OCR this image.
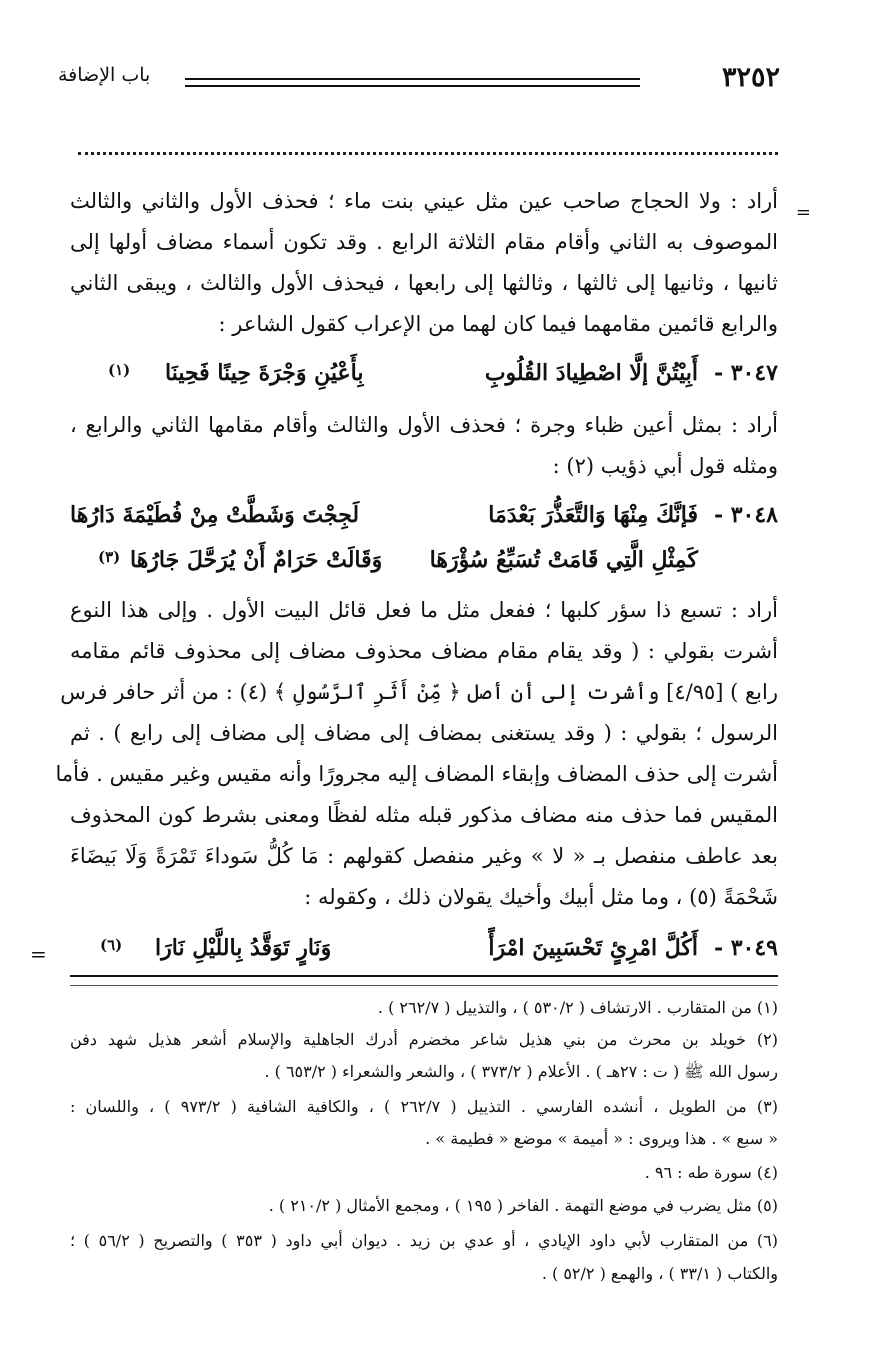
٣٢٥٢
باب الإضافة
=
أراد : ولا الحجاج صاحب عين مثل عيني بنت ماء ؛ فحذف الأول والثاني والثالث
الموصوف به الثاني وأقام مقام الثلاثة الرابع . وقد تكون أسماء مضاف أولها إلى
ثانيها ، وثانيها إلى ثالثها ، وثالثها إلى رابعها ، فيحذف الأول والثالث ، ويبقى الثاني
والرابع قائمين مقامهما فيما كان لهما من الإعراب كقول الشاعر :
٣٠٤٧ -
أَبِيْتُنَّ إلَّا اصْطِيادَ القُلُوبِ
بِأَعْيُنِ وَجْرَةَ حِينًا فَحِينَا
(١)
أراد : بمثل أعين ظباء وجرة ؛ فحذف الأول والثالث وأقام مقامها الثاني والرابع ،
ومثله قول أبي ذؤيب (٢) :
٣٠٤٨ -
فَإنَّكَ مِنْهَا وَالتَّعَذُّرَ بَعْدَمَا
لَجِجْتَ وَشَطَّتْ مِنْ فُطَيْمَةَ دَارُهَا
كَمِثْلِ الَّتِي قَامَتْ تُسَبِّعُ سُؤْرَهَا
وَقَالَتْ حَرَامٌ أَنْ يُرَحَّلَ جَارُهَا
(٣)
أراد : تسبع ذا سؤر كلبها ؛ ففعل مثل ما فعل قائل البيت الأول . وإلى هذا النوع
أشرت بقولي : ( وقد يقام مقام مضاف محذوف مضاف إلى محذوف قائم مقامه
رابع ) [٤/٩٥] وأشرت إلى أن أصل ﴿ مِّنْ أَثَرِ ٱلرَّسُولِ ﴾ (٤) : من أثر حافر فرس
الرسول ؛ بقولي : ( وقد يستغنى بمضاف إلى مضاف إلى مضاف إلى رابع ) . ثم
أشرت إلى حذف المضاف وإبقاء المضاف إليه مجرورًا وأنه مقيس وغير مقيس . فأما
المقيس فما حذف منه مضاف مذكور قبله مثله لفظًا ومعنى بشرط كون المحذوف
بعد عاطف منفصل بـ « لا » وغير منفصل كقولهم : مَا كُلُّ سَوداءَ تَمْرَةً وَلَا بَيضَاءَ
شَحْمَةً (٥) ، وما مثل أبيك وأخيك يقولان ذلك ، وكقوله :
٣٠٤٩ -
أَكُلَّ امْرِئٍ تَحْسَبِينَ امْرَأً
وَنَارٍ تَوَقَّدُ بِاللَّيْلِ نَارَا
(٦)
=
(١) من المتقارب . الارتشاف ( ٥٣٠/٢ ) ، والتذييل ( ٢٦٢/٧ ) .
(٢) خويلد بن محرث من بني هذيل شاعر مخضرم أدرك الجاهلية والإسلام أشعر هذيل شهد دفن
رسول الله ﷺ ( ت : ٢٧هـ ) . الأعلام ( ٣٧٣/٢ ) ، والشعر والشعراء ( ٦٥٣/٢ ) .
(٣) من الطويل ، أنشده الفارسي . التذييل ( ٢٦٢/٧ ) ، والكافية الشافية ( ٩٧٣/٢ ) ، واللسان :
« سبع » . هذا ويروى : « أميمة » موضع « فطيمة » .
(٤) سورة طه : ٩٦ .
(٥) مثل يضرب في موضع التهمة . الفاخر ( ١٩٥ ) ، ومجمع الأمثال ( ٢١٠/٢ ) .
(٦) من المتقارب لأبي داود الإيادي ، أو عدي بن زيد . ديوان أبي داود ( ٣٥٣ ) والتصريح ( ٥٦/٢ ) ؛
والكتاب ( ٣٣/١ ) ، والهمع ( ٥٢/٢ ) .
